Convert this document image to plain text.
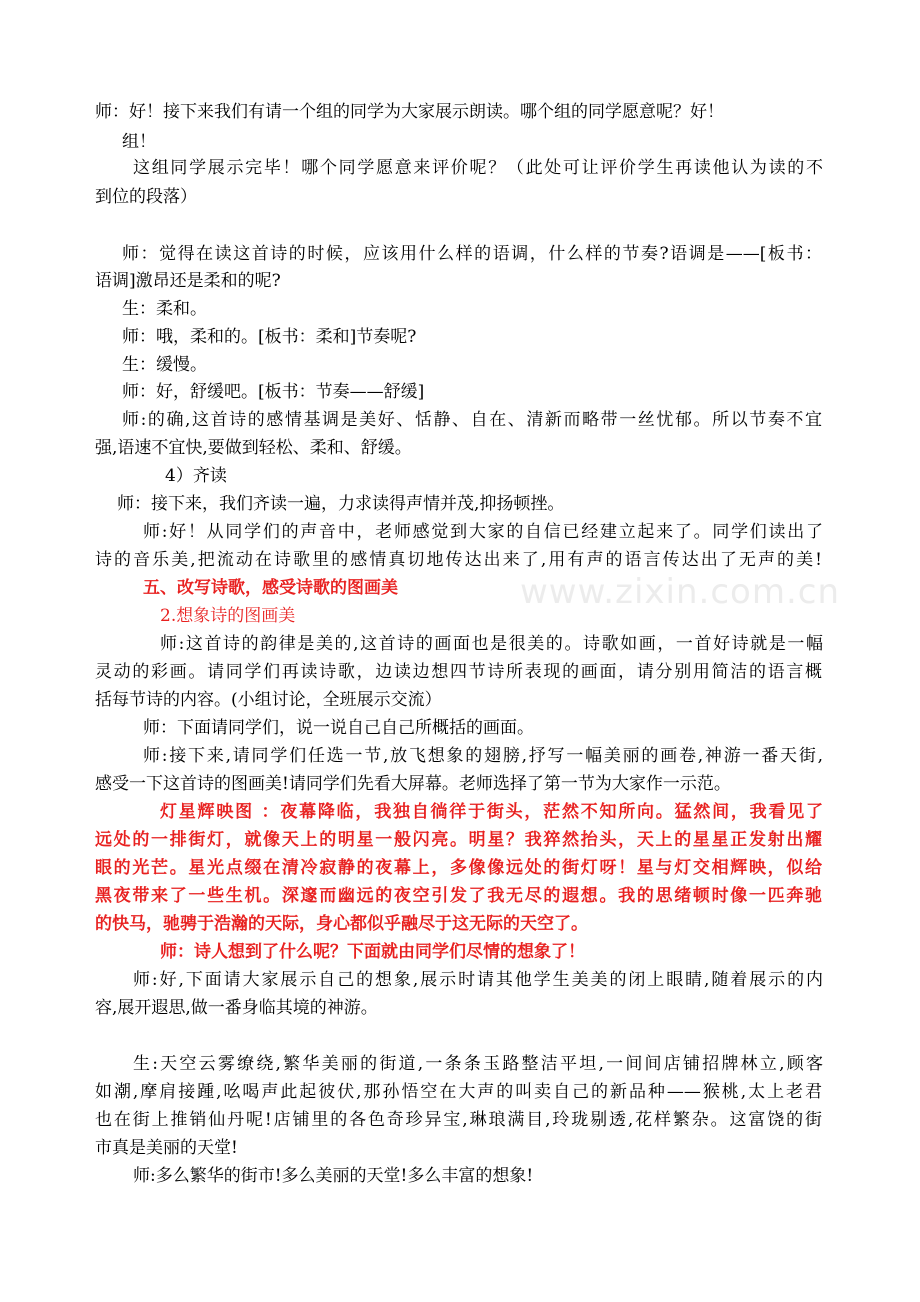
www.zixin.com.cn
师：好！接下来我们有请一个组的同学为大家展示朗读。哪个组的同学愿意呢？好！
组！
这组同学展示完毕！哪个同学愿意来评价呢？（此处可让评价学生再读他认为读的不
到位的段落）
师：觉得在读这首诗的时候，应该用什么样的语调，什么样的节奏?语调是——[板书：
语调]激昂还是柔和的呢?
生：柔和。
师：哦，柔和的。[板书：柔和]节奏呢?
生：缓慢。
师：好，舒缓吧。[板书：节奏——舒缓]
师:的确,这首诗的感情基调是美好、恬静、自在、清新而略带一丝忧郁。所以节奏不宜
强,语速不宜快,要做到轻松、柔和、舒缓。
4）齐读
师：接下来，我们齐读一遍，力求读得声情并茂,抑扬顿挫。
师:好！从同学们的声音中，老师感觉到大家的自信已经建立起来了。同学们读出了
诗的音乐美,把流动在诗歌里的感情真切地传达出来了,用有声的语言传达出了无声的美!
五、改写诗歌，感受诗歌的图画美
2.想象诗的图画美
师:这首诗的韵律是美的,这首诗的画面也是很美的。诗歌如画，一首好诗就是一幅
灵动的彩画。请同学们再读诗歌，边读边想四节诗所表现的画面，请分别用简洁的语言概
括每节诗的内容。(小组讨论，全班展示交流）
师：下面请同学们，说一说自己自己所概括的画面。
师:接下来,请同学们任选一节,放飞想象的翅膀,抒写一幅美丽的画卷,神游一番天街,
感受一下这首诗的图画美!请同学们先看大屏幕。老师选择了第一节为大家作一示范。
灯星辉映图 ：夜幕降临，我独自徜徉于街头，茫然不知所向。猛然间，我看见了
远处的一排街灯，就像天上的明星一般闪亮。明星？我猝然抬头，天上的星星正发射出耀
眼的光芒。星光点缀在清冷寂静的夜幕上，多像像远处的街灯呀！星与灯交相辉映，似给
黑夜带来了一些生机。深邃而幽远的夜空引发了我无尽的遐想。我的思绪顿时像一匹奔驰
的快马，驰骋于浩瀚的天际，身心都似乎融尽于这无际的天空了。
师：诗人想到了什么呢？下面就由同学们尽情的想象了！
师:好,下面请大家展示自己的想象,展示时请其他学生美美的闭上眼睛,随着展示的内
容,展开遐思,做一番身临其境的神游。
生:天空云雾缭绕,繁华美丽的街道,一条条玉路整洁平坦,一间间店铺招牌林立,顾客
如潮,摩肩接踵,吆喝声此起彼伏,那孙悟空在大声的叫卖自己的新品种——猴桃,太上老君
也在街上推销仙丹呢!店铺里的各色奇珍异宝,琳琅满目,玲珑剔透,花样繁杂。这富饶的街
市真是美丽的天堂!
师:多么繁华的街市!多么美丽的天堂!多么丰富的想象!
